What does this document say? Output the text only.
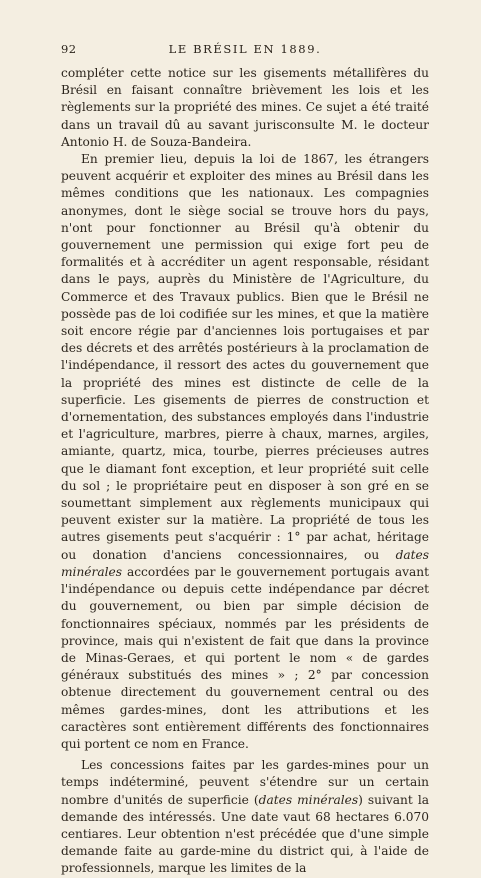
92	LE BRÉSIL EN 1889.

compléter cette notice sur les gisements métallifères du Brésil en faisant connaître brièvement les lois et les règlements sur la propriété des mines. Ce sujet a été traité dans un travail dû au savant jurisconsulte M. le docteur Antonio H. de Souza-Bandeira.

En premier lieu, depuis la loi de 1867, les étrangers peuvent acquérir et exploiter des mines au Brésil dans les mêmes conditions que les nationaux. Les compagnies anonymes, dont le siège social se trouve hors du pays, n'ont pour fonctionner au Brésil qu'à obtenir du gouvernement une permission qui exige fort peu de formalités et à accréditer un agent responsable, résidant dans le pays, auprès du Ministère de l'Agriculture, du Commerce et des Travaux publics. Bien que le Brésil ne possède pas de loi codifiée sur les mines, et que la matière soit encore régie par d'anciennes lois portugaises et par des décrets et des arrêtés postérieurs à la proclamation de l'indépendance, il ressort des actes du gouvernement que la propriété des mines est distincte de celle de la superficie. Les gisements de pierres de construction et d'ornementation, des substances employés dans l'industrie et l'agriculture, marbres, pierre à chaux, marnes, argiles, amiante, quartz, mica, tourbe, pierres précieuses autres que le diamant font exception, et leur propriété suit celle du sol ; le propriétaire peut en disposer à son gré en se soumettant simplement aux règlements municipaux qui peuvent exister sur la matière. La propriété de tous les autres gisements peut s'acquérir : 1° par achat, héritage ou donation d'anciens concessionnaires, ou dates minérales accordées par le gouvernement portugais avant l'indépendance ou depuis cette indépendance par décret du gouvernement, ou bien par simple décision de fonctionnaires spéciaux, nommés par les présidents de province, mais qui n'existent de fait que dans la province de Minas-Geraes, et qui portent le nom « de gardes généraux substitués des mines » ; 2° par concession obtenue directement du gouvernement central ou des mêmes gardes-mines, dont les attributions et les caractères sont entièrement différents des fonctionnaires qui portent ce nom en France.

Les concessions faites par les gardes-mines pour un temps indéterminé, peuvent s'étendre sur un certain nombre d'unités de superficie (dates minérales) suivant la demande des intéressés. Une date vaut 68 hectares 6.070 centiares. Leur obtention n'est précédée que d'une simple demande faite au garde-mine du district qui, à l'aide de professionnels, marque les limites de la
